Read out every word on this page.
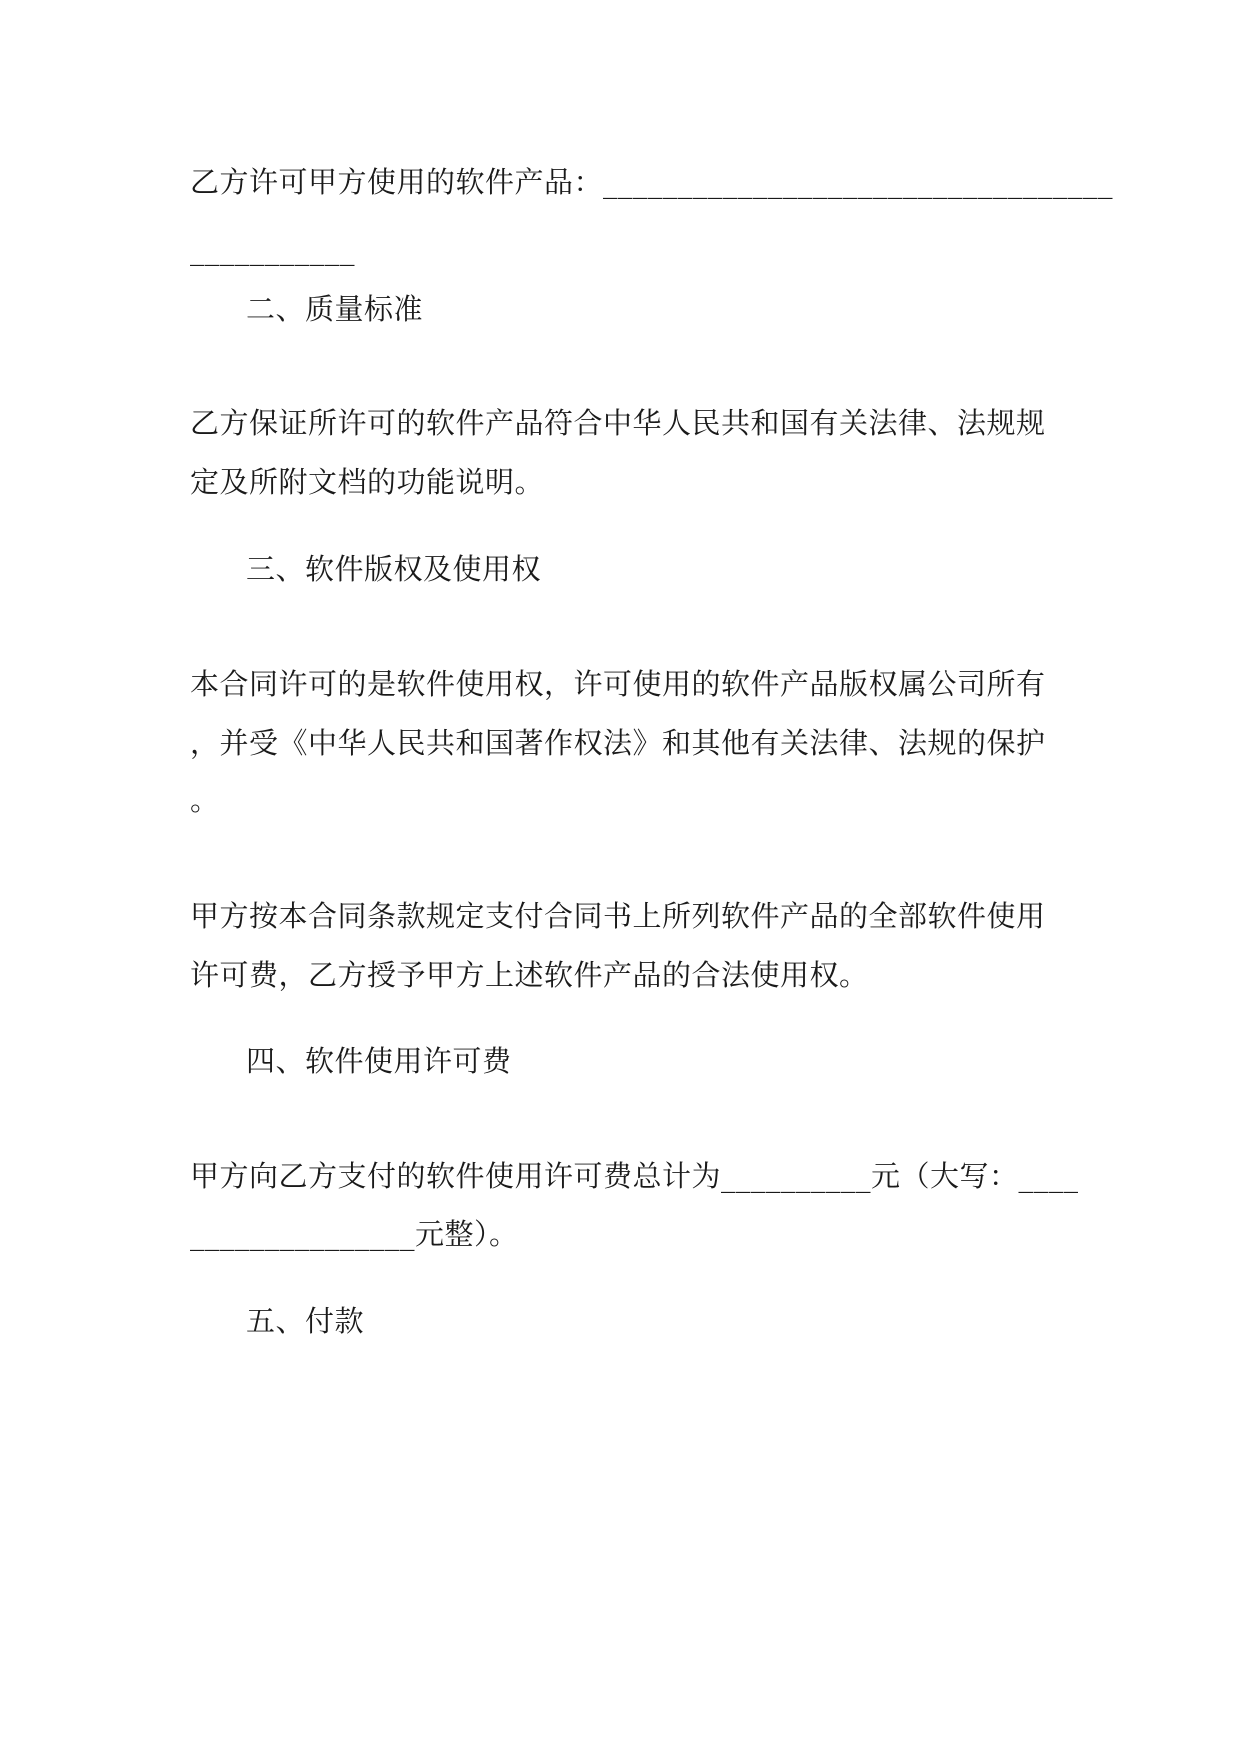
乙方许可甲方使用的软件产品：__________________________________
___________
二、质量标准
乙方保证所许可的软件产品符合中华人民共和国有关法律、法规规
定及所附文档的功能说明。
三、软件版权及使用权
本合同许可的是软件使用权，许可使用的软件产品版权属公司所有
，并受《中华人民共和国著作权法》和其他有关法律、法规的保护
。
甲方按本合同条款规定支付合同书上所列软件产品的全部软件使用
许可费，乙方授予甲方上述软件产品的合法使用权。
四、软件使用许可费
甲方向乙方支付的软件使用许可费总计为__________元（大写：____
_______________元整）。
五、付款
